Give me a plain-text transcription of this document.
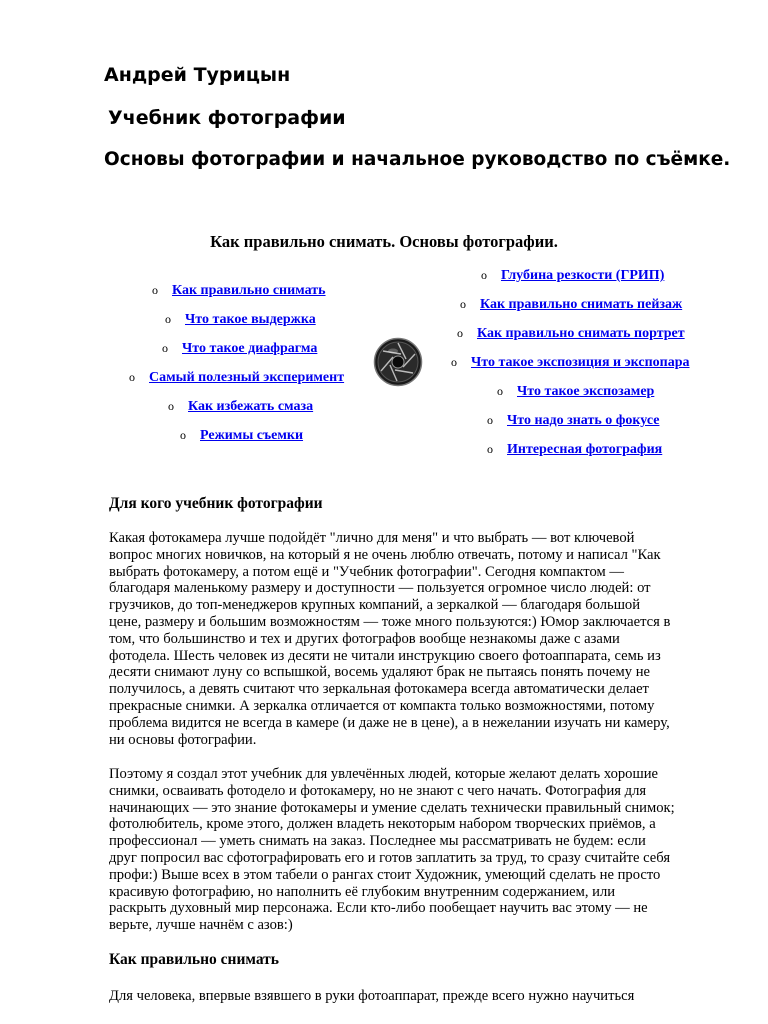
Андрей Турицын
Учебник фотографии
Основы фотографии и начальное руководство по съёмке.
Как правильно снимать. Основы фотографии.
o Как правильно снимать
o Что такое выдержка
o Что такое диафрагма
o Самый полезный эксперимент
o Как избежать смаза
o Режимы съемки
o Глубина резкости (ГРИП)
o Как правильно снимать пейзаж
o Как правильно снимать портрет
o Что такое экспозиция и экспопара
o Что такое экспозамер
o Что надо знать о фокусе
o Интересная фотография
Для кого учебник фотографии

Какая фотокамера лучше подойдёт "лично для меня" и что выбрать — вот ключевой
вопрос многих новичков, на который я не очень люблю отвечать, потому и написал "Как
выбрать фотокамеру, а потом ещё и "Учебник фотографии". Сегодня компактом —
благодаря маленькому размеру и доступности — пользуется огромное число людей: от
грузчиков, до топ-менеджеров крупных компаний, а зеркалкой — благодаря большой
цене, размеру и большим возможностям — тоже много пользуются:) Юмор заключается в
том, что большинство и тех и других фотографов вообще незнакомы даже с азами
фотодела. Шесть человек из десяти не читали инструкцию своего фотоаппарата, семь из
десяти снимают луну со вспышкой, восемь удаляют брак не пытаясь понять почему не
получилось, а девять считают что зеркальная фотокамера всегда автоматически делает
прекрасные снимки. А зеркалка отличается от компакта только возможностями, потому
проблема видится не всегда в камере (и даже не в цене), а в нежелании изучать ни камеру,
ни основы фотографии.

Поэтому я создал этот учебник для увлечённых людей, которые желают делать хорошие
снимки, осваивать фотодело и фотокамеру, но не знают с чего начать. Фотография для
начинающих — это знание фотокамеры и умение сделать технически правильный снимок;
фотолюбитель, кроме этого, должен владеть некоторым набором творческих приёмов, а
профессионал — уметь снимать на заказ. Последнее мы рассматривать не будем: если
друг попросил вас сфотографировать его и готов заплатить за труд, то сразу считайте себя
профи:) Выше всех в этом табели о рангах стоит Художник, умеющий сделать не просто
красивую фотографию, но наполнить её глубоким внутренним содержанием, или
раскрыть духовный мир персонажа. Если кто-либо пообещает научить вас этому — не
верьте, лучше начнём с азов:)

Как правильно снимать

Для человека, впервые взявшего в руки фотоаппарат, прежде всего нужно научиться
